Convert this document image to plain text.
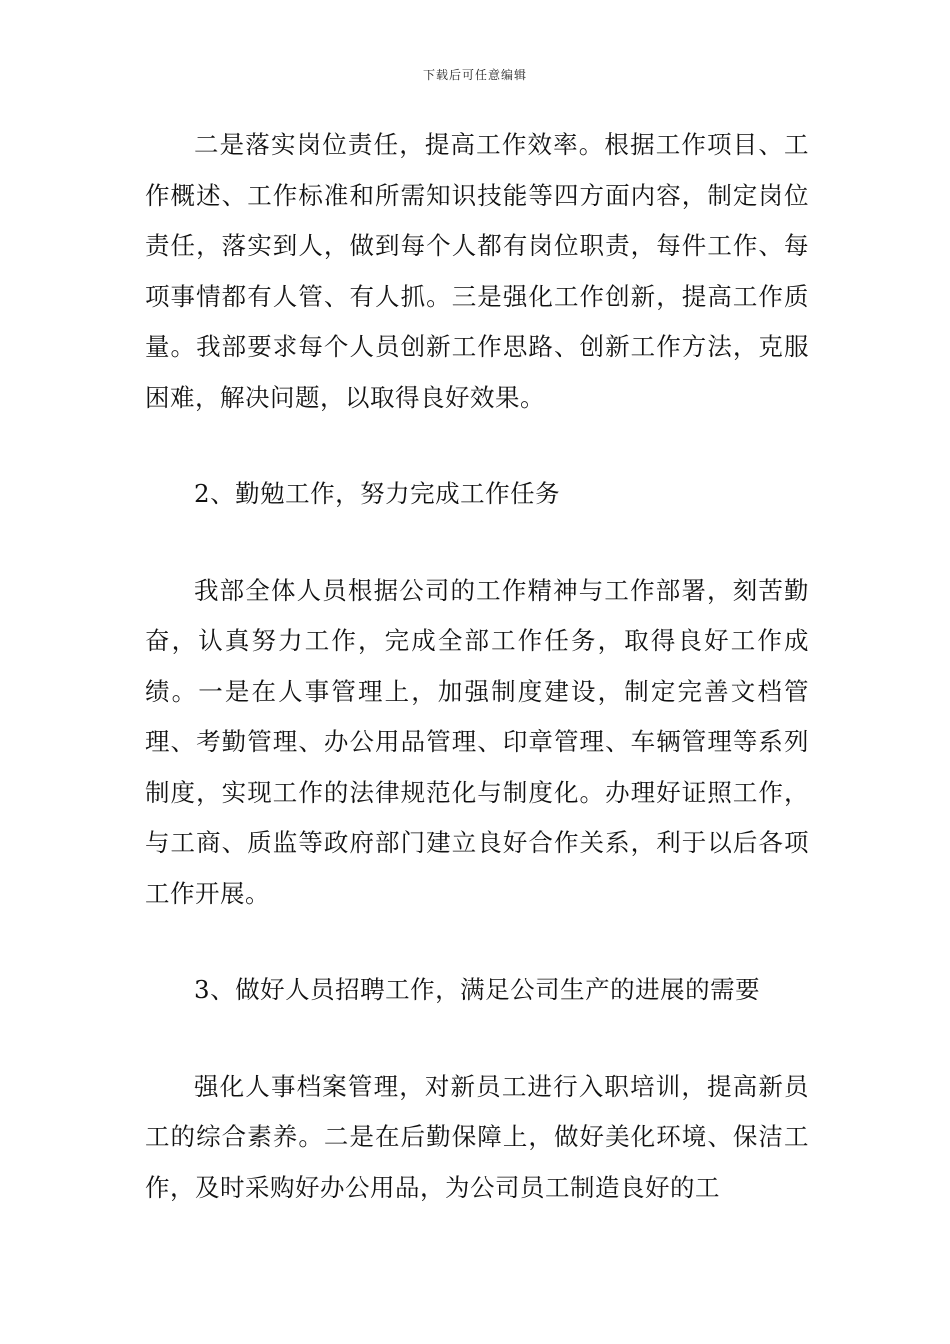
下载后可任意编辑

二是落实岗位责任，提高工作效率。根据工作项目、工作概述、工作标准和所需知识技能等四方面内容，制定岗位责任，落实到人，做到每个人都有岗位职责，每件工作、每项事情都有人管、有人抓。三是强化工作创新，提高工作质量。我部要求每个人员创新工作思路、创新工作方法，克服困难，解决问题，以取得良好效果。

2、勤勉工作，努力完成工作任务

我部全体人员根据公司的工作精神与工作部署，刻苦勤奋，认真努力工作，完成全部工作任务，取得良好工作成绩。一是在人事管理上，加强制度建设，制定完善文档管理、考勤管理、办公用品管理、印章管理、车辆管理等系列制度，实现工作的法律规范化与制度化。办理好证照工作，与工商、质监等政府部门建立良好合作关系，利于以后各项工作开展。

3、做好人员招聘工作，满足公司生产的进展的需要

强化人事档案管理，对新员工进行入职培训，提高新员工的综合素养。二是在后勤保障上，做好美化环境、保洁工作，及时采购好办公用品，为公司员工制造良好的工
